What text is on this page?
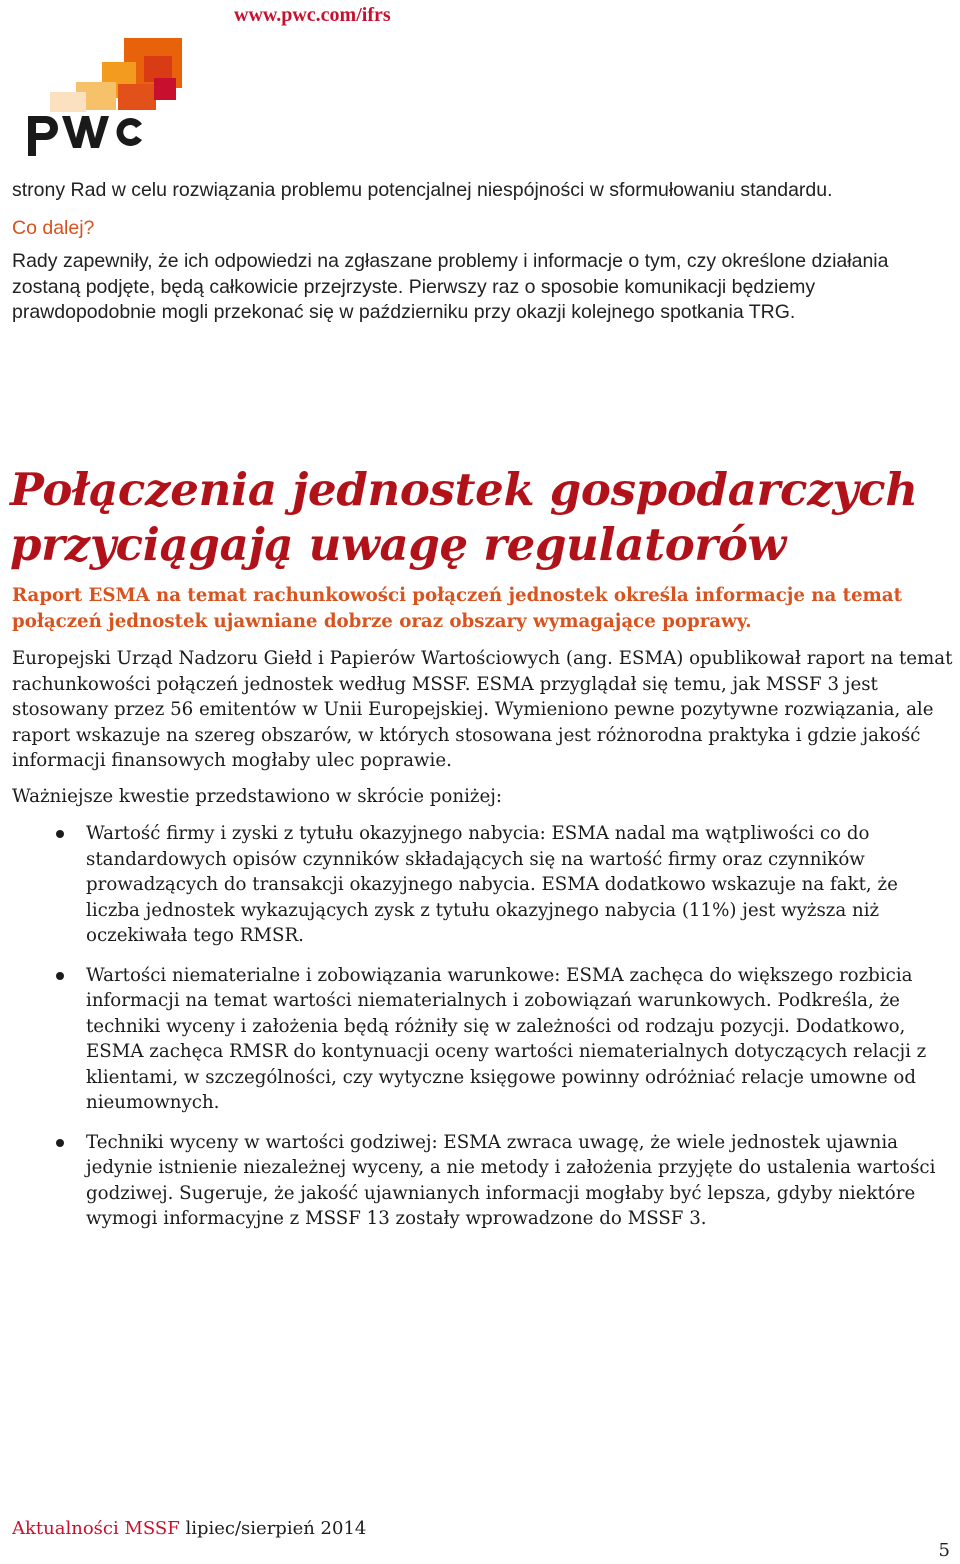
www.pwc.com/ifrs

strony Rad w celu rozwiązania problemu potencjalnej niespójności w sformułowaniu standardu.

Co dalej?

Rady zapewniły, że ich odpowiedzi na zgłaszane problemy i informacje o tym, czy określone działania zostaną podjęte, będą całkowicie przejrzyste. Pierwszy raz o sposobie komunikacji będziemy prawdopodobnie mogli przekonać się w październiku przy okazji kolejnego spotkania TRG.

Połączenia jednostek gospodarczych przyciągają uwagę regulatorów

Raport ESMA na temat rachunkowości połączeń jednostek określa informacje na temat połączeń jednostek ujawniane dobrze oraz obszary wymagające poprawy.

Europejski Urząd Nadzoru Giełd i Papierów Wartościowych (ang. ESMA) opublikował raport na temat rachunkowości połączeń jednostek według MSSF. ESMA przyglądał się temu, jak MSSF 3 jest stosowany przez 56 emitentów w Unii Europejskiej. Wymieniono pewne pozytywne rozwiązania, ale raport wskazuje na szereg obszarów, w których stosowana jest różnorodna praktyka i gdzie jakość informacji finansowych mogłaby ulec poprawie.

Ważniejsze kwestie przedstawiono w skrócie poniżej:

Wartość firmy i zyski z tytułu okazyjnego nabycia: ESMA nadal ma wątpliwości co do standardowych opisów czynników składających się na wartość firmy oraz czynników prowadzących do transakcji okazyjnego nabycia. ESMA dodatkowo wskazuje na fakt, że liczba jednostek wykazujących zysk z tytułu okazyjnego nabycia (11%) jest wyższa niż oczekiwała tego RMSR.
Wartości niematerialne i zobowiązania warunkowe: ESMA zachęca do większego rozbicia informacji na temat wartości niematerialnych i zobowiązań warunkowych. Podkreśla, że techniki wyceny i założenia będą różniły się w zależności od rodzaju pozycji. Dodatkowo, ESMA zachęca RMSR do kontynuacji oceny wartości niematerialnych dotyczących relacji z klientami, w szczególności, czy wytyczne księgowe powinny odróżniać relacje umowne od nieumownych.
Techniki wyceny w wartości godziwej: ESMA zwraca uwagę, że wiele jednostek ujawnia jedynie istnienie niezależnej wyceny, a nie metody i założenia przyjęte do ustalenia wartości godziwej. Sugeruje, że jakość ujawnianych informacji mogłaby być lepsza, gdyby niektóre wymogi informacyjne z MSSF 13 zostały wprowadzone do MSSF 3.
Aktualności MSSF lipiec/sierpień 2014
5
